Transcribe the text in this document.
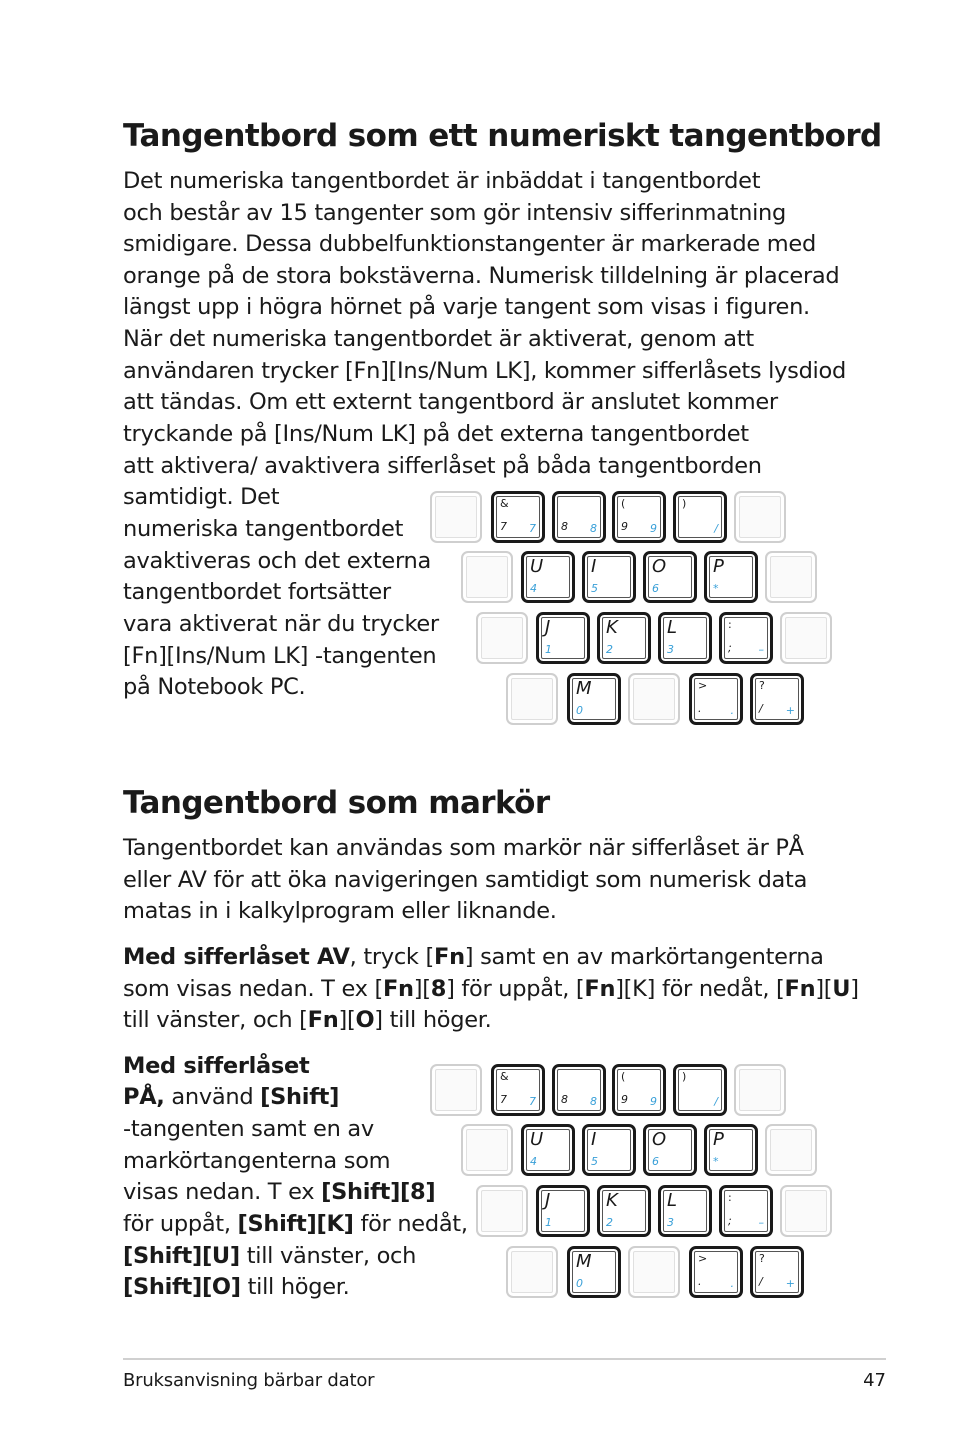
Tangentbord som ett numeriskt tangentbord

Det numeriska tangentbordet är inbäddat i tangentbordet

och består av 15 tangenter som gör intensiv sifferinmatning

smidigare. Dessa dubbelfunktionstangenter är markerade med

orange på de stora bokstäverna. Numerisk tilldelning är placerad

längst upp i högra hörnet på varje tangent som visas i figuren.

När det numeriska tangentbordet är aktiverat, genom att

användaren trycker [Fn][Ins/Num LK], kommer sifferlåsets lysdiod

att tändas. Om ett externt tangentbord är anslutet kommer

tryckande på [Ins/Num LK] på det externa tangentbordet

att aktivera/ avaktivera sifferlåset på båda tangentborden

samtidigt. Det

numeriska tangentbordet

avaktiveras och det externa

tangentbordet fortsätter

vara aktiverat när du trycker

[Fn][Ins/Num LK] -tangenten

på Notebook PC.

&
7 7 8 8
(
9 9
)
/
U
4
I
5
O
6
P
*
J
1
K
2
L
3
:
; –
M
0
>
.	.
?
/ +
Tangentbord som markör

Tangentbordet kan användas som markör när sifferlåset är PÅ

eller AV för att öka navigeringen samtidigt som numerisk data

matas in i kalkylprogram eller liknande.

Med sifferlåset AV, tryck [Fn] samt en av markörtangenterna

som visas nedan. T ex [Fn][8] för uppåt, [Fn][K] för nedåt, [Fn][U]

till vänster, och [Fn][O] till höger.

Med sifferlåset

PÅ, använd [Shift]

-tangenten samt en av

markörtangenterna som

visas nedan. T ex [Shift][8]

för uppåt, [Shift][K] för nedåt,

[Shift][U] till vänster, och

[Shift][O] till höger.

&
7 7 8 8
(
9 9
)
/
U
4
I
5
O
6
P
*
J
1
K
2
L
3
:
; –
M
0
>
.	.
?
/ +
Bruksanvisning bärbar dator	47
